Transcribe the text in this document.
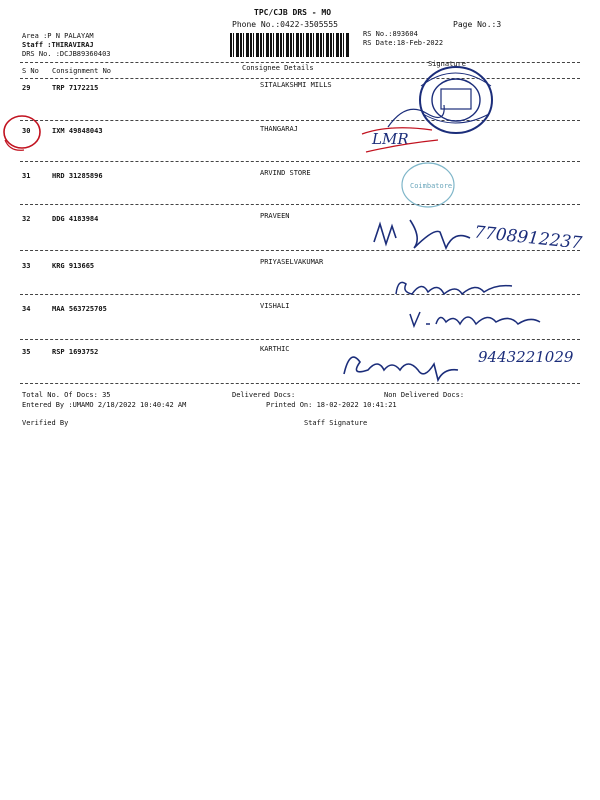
TPC/CJB DRS - MO
Phone No.:0422-3505555	Page No.:3
Area :P N PALAYAM
Staff :THIRAVIRAJ
DRS No. :DCJB89360403
RS No.:893604
RS Date:18-Feb-2022
S No Consignment No	Consignee Details	Signature
29	TRP 7172215	SITALAKSHMI MILLS
30	IXM 49848043	THANGARAJ
31	HRD 31285896	ARVIND STORE
32	DDG 4183984	PRAVEEN
33	KRG 913665	PRIYASELVAKUMAR
34	MAA 563725705	VISHALI
35	RSP 1693752	KARTHIC
Total No. Of Docs: 35	Delivered Docs:	Non Delivered Docs:
Entered By :UMAMO 2/18/2022 10:40:42 AM	Printed On: 18-02-2022 10:41:21
Verified By	Staff Signature
LMR
Coimbatore
7708912237
9443221029
